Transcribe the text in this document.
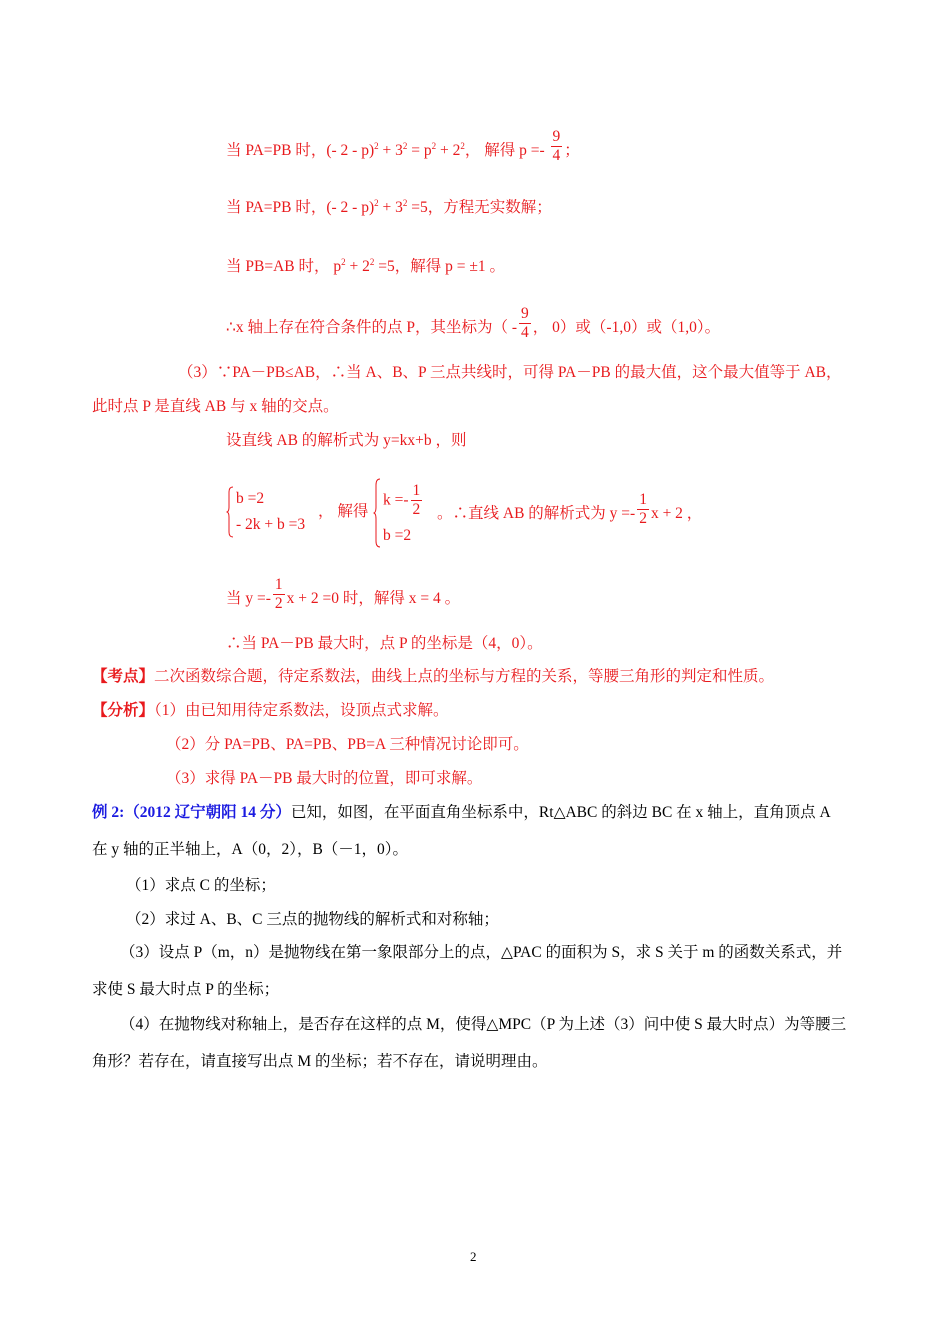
当 PA=PB 时，(- $2 - p)^2 + 3^2 = p^2 + 2^2$， 解得 $p =- \frac{9}{4}$ ；
当 PA=PB 时，(- $2 - p)^2 + 3^2 =5$，方程无实数解；
当 PB=AB 时， $p^2 + 2^2 =5$，解得 p = ±1 。
∴x 轴上存在符合条件的点 P，其坐标为（ - $\frac{9}{4}$ ， 0）或（-1,0）或（1,0）。
（3）∵PA－PB≤AB，∴当 A、B、P 三点共线时，可得 PA－PB 的最大值，这个最大值等于 AB，
此时点 P 是直线 AB 与 x 轴的交点。
设直线 AB 的解析式为 y=kx+b ，则
b =2
- 2k + b =3
， 解得
$k =- \frac{1}{2}$
b =2
。∴直线 AB 的解析式为 $y =- \frac{1}{2}$ x + 2 ，
当 $y =- \frac{1}{2}$ x + 2 =0 时，解得 x = 4 。
∴当 PA－PB 最大时，点 P 的坐标是（4，0）。
【考点】二次函数综合题，待定系数法，曲线上点的坐标与方程的关系，等腰三角形的判定和性质。
【分析】（1）由已知用待定系数法，设顶点式求解。
（2）分 PA=PB、PA=PB、PB=A 三种情况讨论即可。
（3）求得 PA－PB 最大时的位置，即可求解。
例 2:（2012 辽宁朝阳 14 分）已知，如图，在平面直角坐标系中，Rt△ABC 的斜边 BC 在 x 轴上，直角顶点 A
在 y 轴的正半轴上，A（0，2），B（－1，0）。
（1）求点 C 的坐标；
（2）求过 A、B、C 三点的抛物线的解析式和对称轴；
（3）设点 P（m，n）是抛物线在第一象限部分上的点，△PAC 的面积为 S，求 S 关于 m 的函数关系式，并
求使 S 最大时点 P 的坐标；
（4）在抛物线对称轴上，是否存在这样的点 M，使得△MPC（P 为上述（3）问中使 S 最大时点）为等腰三
角形？若存在，请直接写出点 M 的坐标；若不存在，请说明理由。
2
